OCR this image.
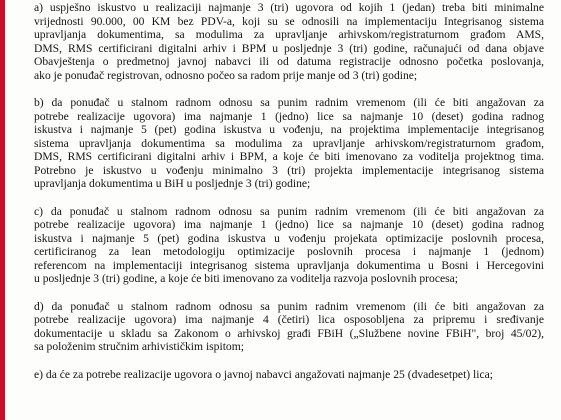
a) uspješno iskustvo u realizaciji najmanje 3 (tri) ugovora od kojih 1 (jedan) treba biti minimalne
vrijednosti 90.000, 00 KM bez PDV-a, koji su se odnosili na implementaciju Integrisanog sistema
upravljanja dokumentima, sa modulima za upravljanje arhivskom/registraturnom građom AMS,
DMS, RMS certificirani digitalni arhiv i BPM u posljednje 3 (tri) godine, računajući od dana objave
Obavještenja o predmetnoj javnoj nabavci ili od datuma registracije odnosno početka poslovanja,
ako je ponuđač registrovan, odnosno počeo sa radom prije manje od 3 (tri) godine;
b) da ponuđač u stalnom radnom odnosu sa punim radnim vremenom (ili će biti angažovan za
potrebe realizacije ugovora) ima najmanje 1 (jedno) lice sa najmanje 10 (deset) godina radnog
iskustva i najmanje 5 (pet) godina iskustva u vođenju, na projektima implementacije integrisanog
sistema upravljanja dokumentima sa modulima za upravljanje arhivskom/registraturnom građom,
DMS, RMS certificirani digitalni arhiv i BPM, a koje će biti imenovano za voditelja projektnog tima.
Potrebno je iskustvo u vođenju minimalno 3 (tri) projekta implementacije integrisanog sistema
upravljanja dokumentima u BiH u posljednje 3 (tri) godine;
c) da ponuđač u stalnom radnom odnosu sa punim radnim vremenom (ili će biti angažovan za
potrebe realizacije ugovora) ima najmanje 1 (jedno) lice sa najmanje 10 (deset) godina radnog
iskustva i najmanje 5 (pet) godina iskustva u vođenju projekata optimizacije poslovnih procesa,
certificiranog za lean metodologiju optimizacije poslovnih procesa i najmanje 1 (jednom)
referencom na implementaciji integrisanog sistema upravljanja dokumentima u Bosni i Hercegovini
u posljednje 3 (tri) godine, a koje će biti imenovano za voditelja razvoja poslovnih procesa;
d) da ponuđač u stalnom radnom odnosu sa punim radnim vremenom (ili će biti angažovan za
potrebe realizacije ugovora) ima najmanje 4 (četiri) lica osposobljena za pripremu i sređivanje
dokumentacije u skladu sa Zakonom o arhivskoj građi FBiH („Službene novine FBiH", broj 45/02),
sa položenim stručnim arhivističkim ispitom;
e) da će za potrebe realizacije ugovora o javnoj nabavci angažovati najmanje 25 (dvadesetpet) lica;
